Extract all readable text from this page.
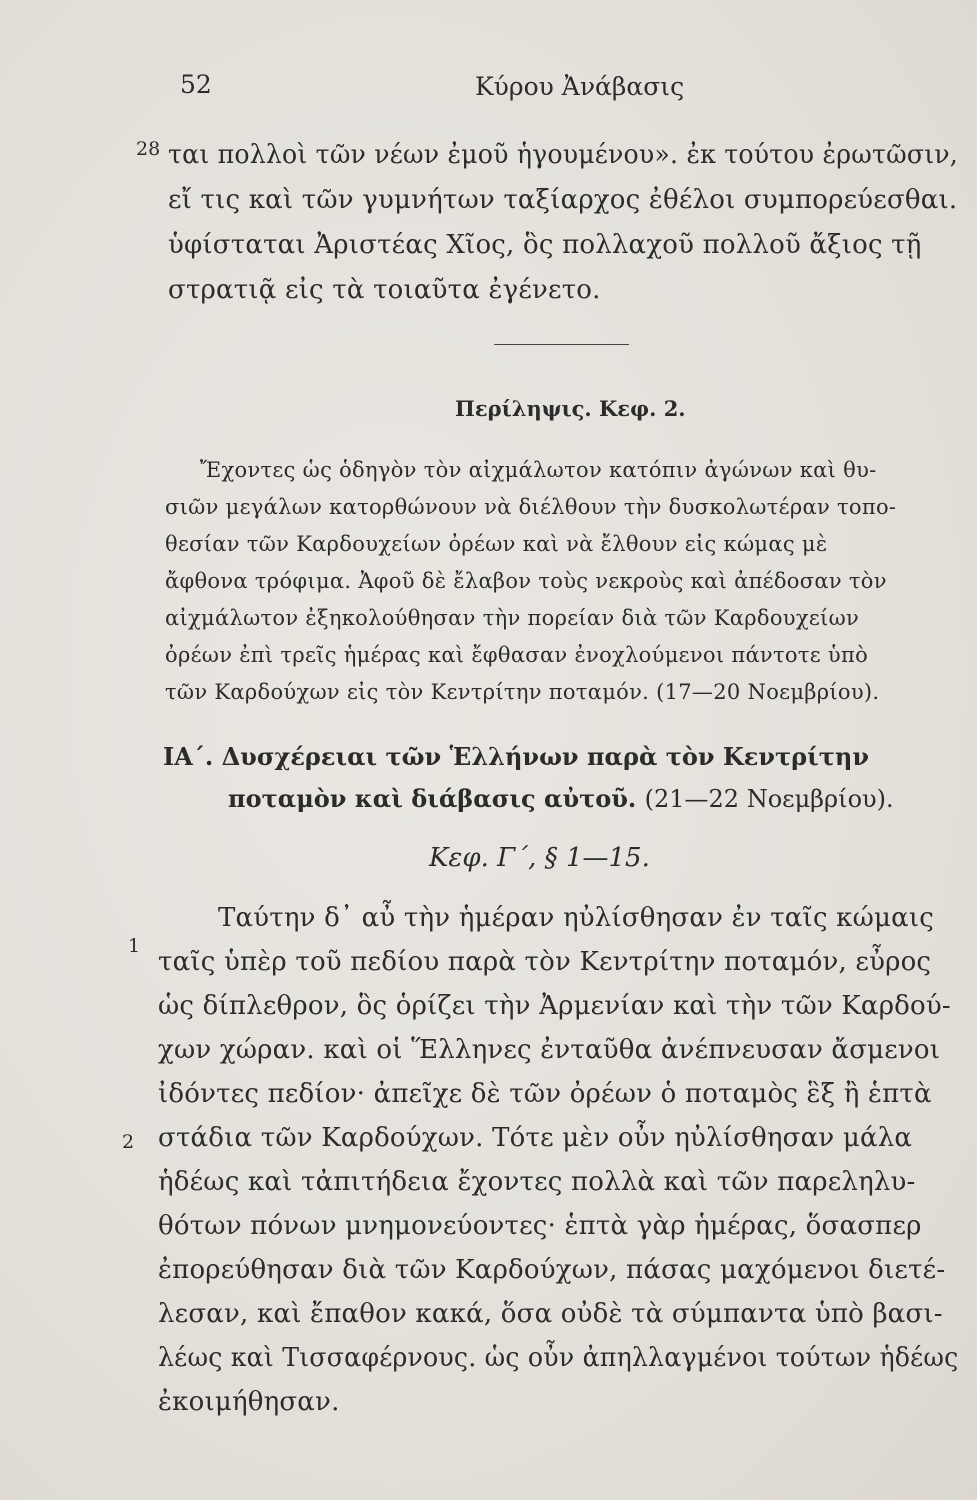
52	Κύρου Ἀνάβασις
28 ται πολλοὶ τῶν νέων ἐμοῦ ἡγουμένου». ἐκ τούτου ἐρωτῶσιν,
εἴ τις καὶ τῶν γυμνήτων ταξίαρχος ἐθέλοι συμπορεύεσθαι.
ὑφίσταται Ἀριστέας Χῖος, ὃς πολλαχοῦ πολλοῦ ἄξιος τῇ
στρατιᾷ εἰς τὰ τοιαῦτα ἐγένετο.
Περίληψις. Κεφ. 2.
Ἔχοντες ὡς ὁδηγὸν τὸν αἰχμάλωτον κατόπιν ἀγώνων καὶ θυ-
σιῶν μεγάλων κατορθώνουν νὰ διέλθουν τὴν δυσκολωτέραν τοπο-
θεσίαν τῶν Καρδουχείων ὀρέων καὶ νὰ ἔλθουν εἰς κώμας μὲ
ἄφθονα τρόφιμα. Ἀφοῦ δὲ ἔλαβον τοὺς νεκροὺς καὶ ἀπέδοσαν τὸν
αἰχμάλωτον ἐξηκολούθησαν τὴν πορείαν διὰ τῶν Καρδουχείων
ὀρέων ἐπὶ τρεῖς ἡμέρας καὶ ἔφθασαν ἐνοχλούμενοι πάντοτε ὑπὸ
τῶν Καρδούχων εἰς τὸν Κεντρίτην ποταμόν. (17—20 Νοεμβρίου).
ΙΑ΄. Δυσχέρειαι τῶν Ἑλλήνων παρὰ τὸν Κεντρίτην
ποταμὸν καὶ διάβασις αὐτοῦ. (21—22 Νοεμβρίου).
Κεφ. Γ΄, § 1—15.
1
2
Ταύτην δ᾽ αὖ τὴν ἡμέραν ηὐλίσθησαν ἐν ταῖς κώμαις
ταῖς ὑπὲρ τοῦ πεδίου παρὰ τὸν Κεντρίτην ποταμόν, εὖρος
ὡς δίπλεθρον, ὃς ὁρίζει τὴν Ἀρμενίαν καὶ τὴν τῶν Καρδού-
χων χώραν. καὶ οἱ Ἕλληνες ἐνταῦθα ἀνέπνευσαν ἄσμενοι
ἰδόντες πεδίον· ἀπεῖχε δὲ τῶν ὀρέων ὁ ποταμὸς ἓξ ἢ ἑπτὰ
στάδια τῶν Καρδούχων. Τότε μὲν οὖν ηὐλίσθησαν μάλα
ἡδέως καὶ τἀπιτήδεια ἔχοντες πολλὰ καὶ τῶν παρεληλυ-
θότων πόνων μνημονεύοντες· ἑπτὰ γὰρ ἡμέρας, ὅσασπερ
ἐπορεύθησαν διὰ τῶν Καρδούχων, πάσας μαχόμενοι διετέ-
λεσαν, καὶ ἔπαθον κακά, ὅσα οὐδὲ τὰ σύμπαντα ὑπὸ βασι-
λέως καὶ Τισσαφέρνους. ὡς οὖν ἀπηλλαγμένοι τούτων ἡδέως
ἐκοιμήθησαν.
